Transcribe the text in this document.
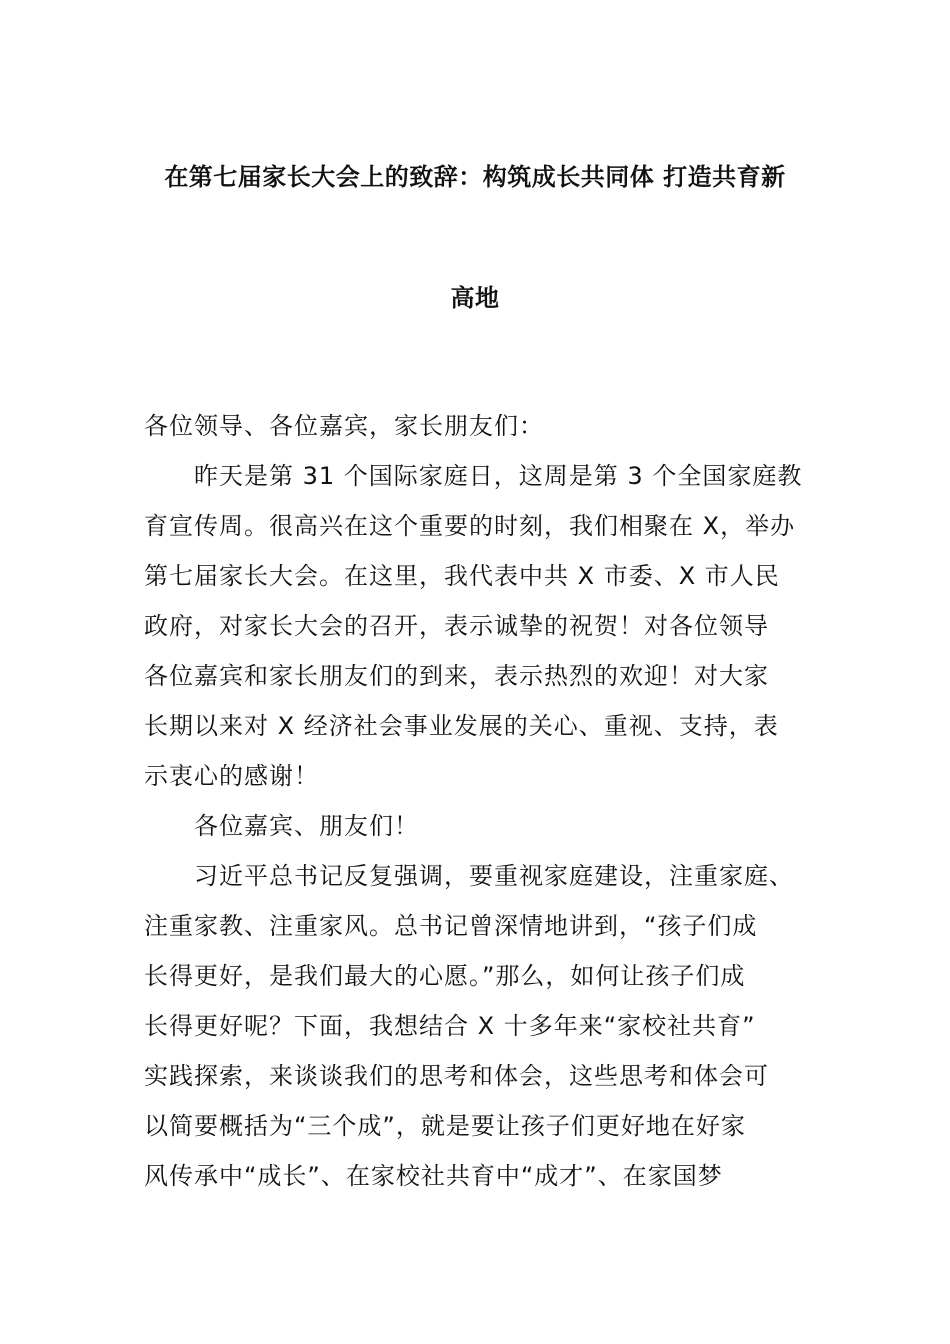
在第七届家长大会上的致辞：构筑成长共同体 打造共育新
高地
各位领导、各位嘉宾，家长朋友们：
昨天是第 31 个国际家庭日，这周是第 3 个全国家庭教
育宣传周。很高兴在这个重要的时刻，我们相聚在 X，举办
第七届家长大会。在这里，我代表中共 X 市委、X 市人民
政府，对家长大会的召开，表示诚挚的祝贺！对各位领导
各位嘉宾和家长朋友们的到来，表示热烈的欢迎！对大家
长期以来对 X 经济社会事业发展的关心、重视、支持，表
示衷心的感谢！
各位嘉宾、朋友们！
习近平总书记反复强调，要重视家庭建设，注重家庭、
注重家教、注重家风。总书记曾深情地讲到，“孩子们成
长得更好，是我们最大的心愿。”那么，如何让孩子们成
长得更好呢？下面，我想结合 X 十多年来“家校社共育”
实践探索，来谈谈我们的思考和体会，这些思考和体会可
以简要概括为“三个成”，就是要让孩子们更好地在好家
风传承中“成长”、在家校社共育中“成才”、在家国梦
